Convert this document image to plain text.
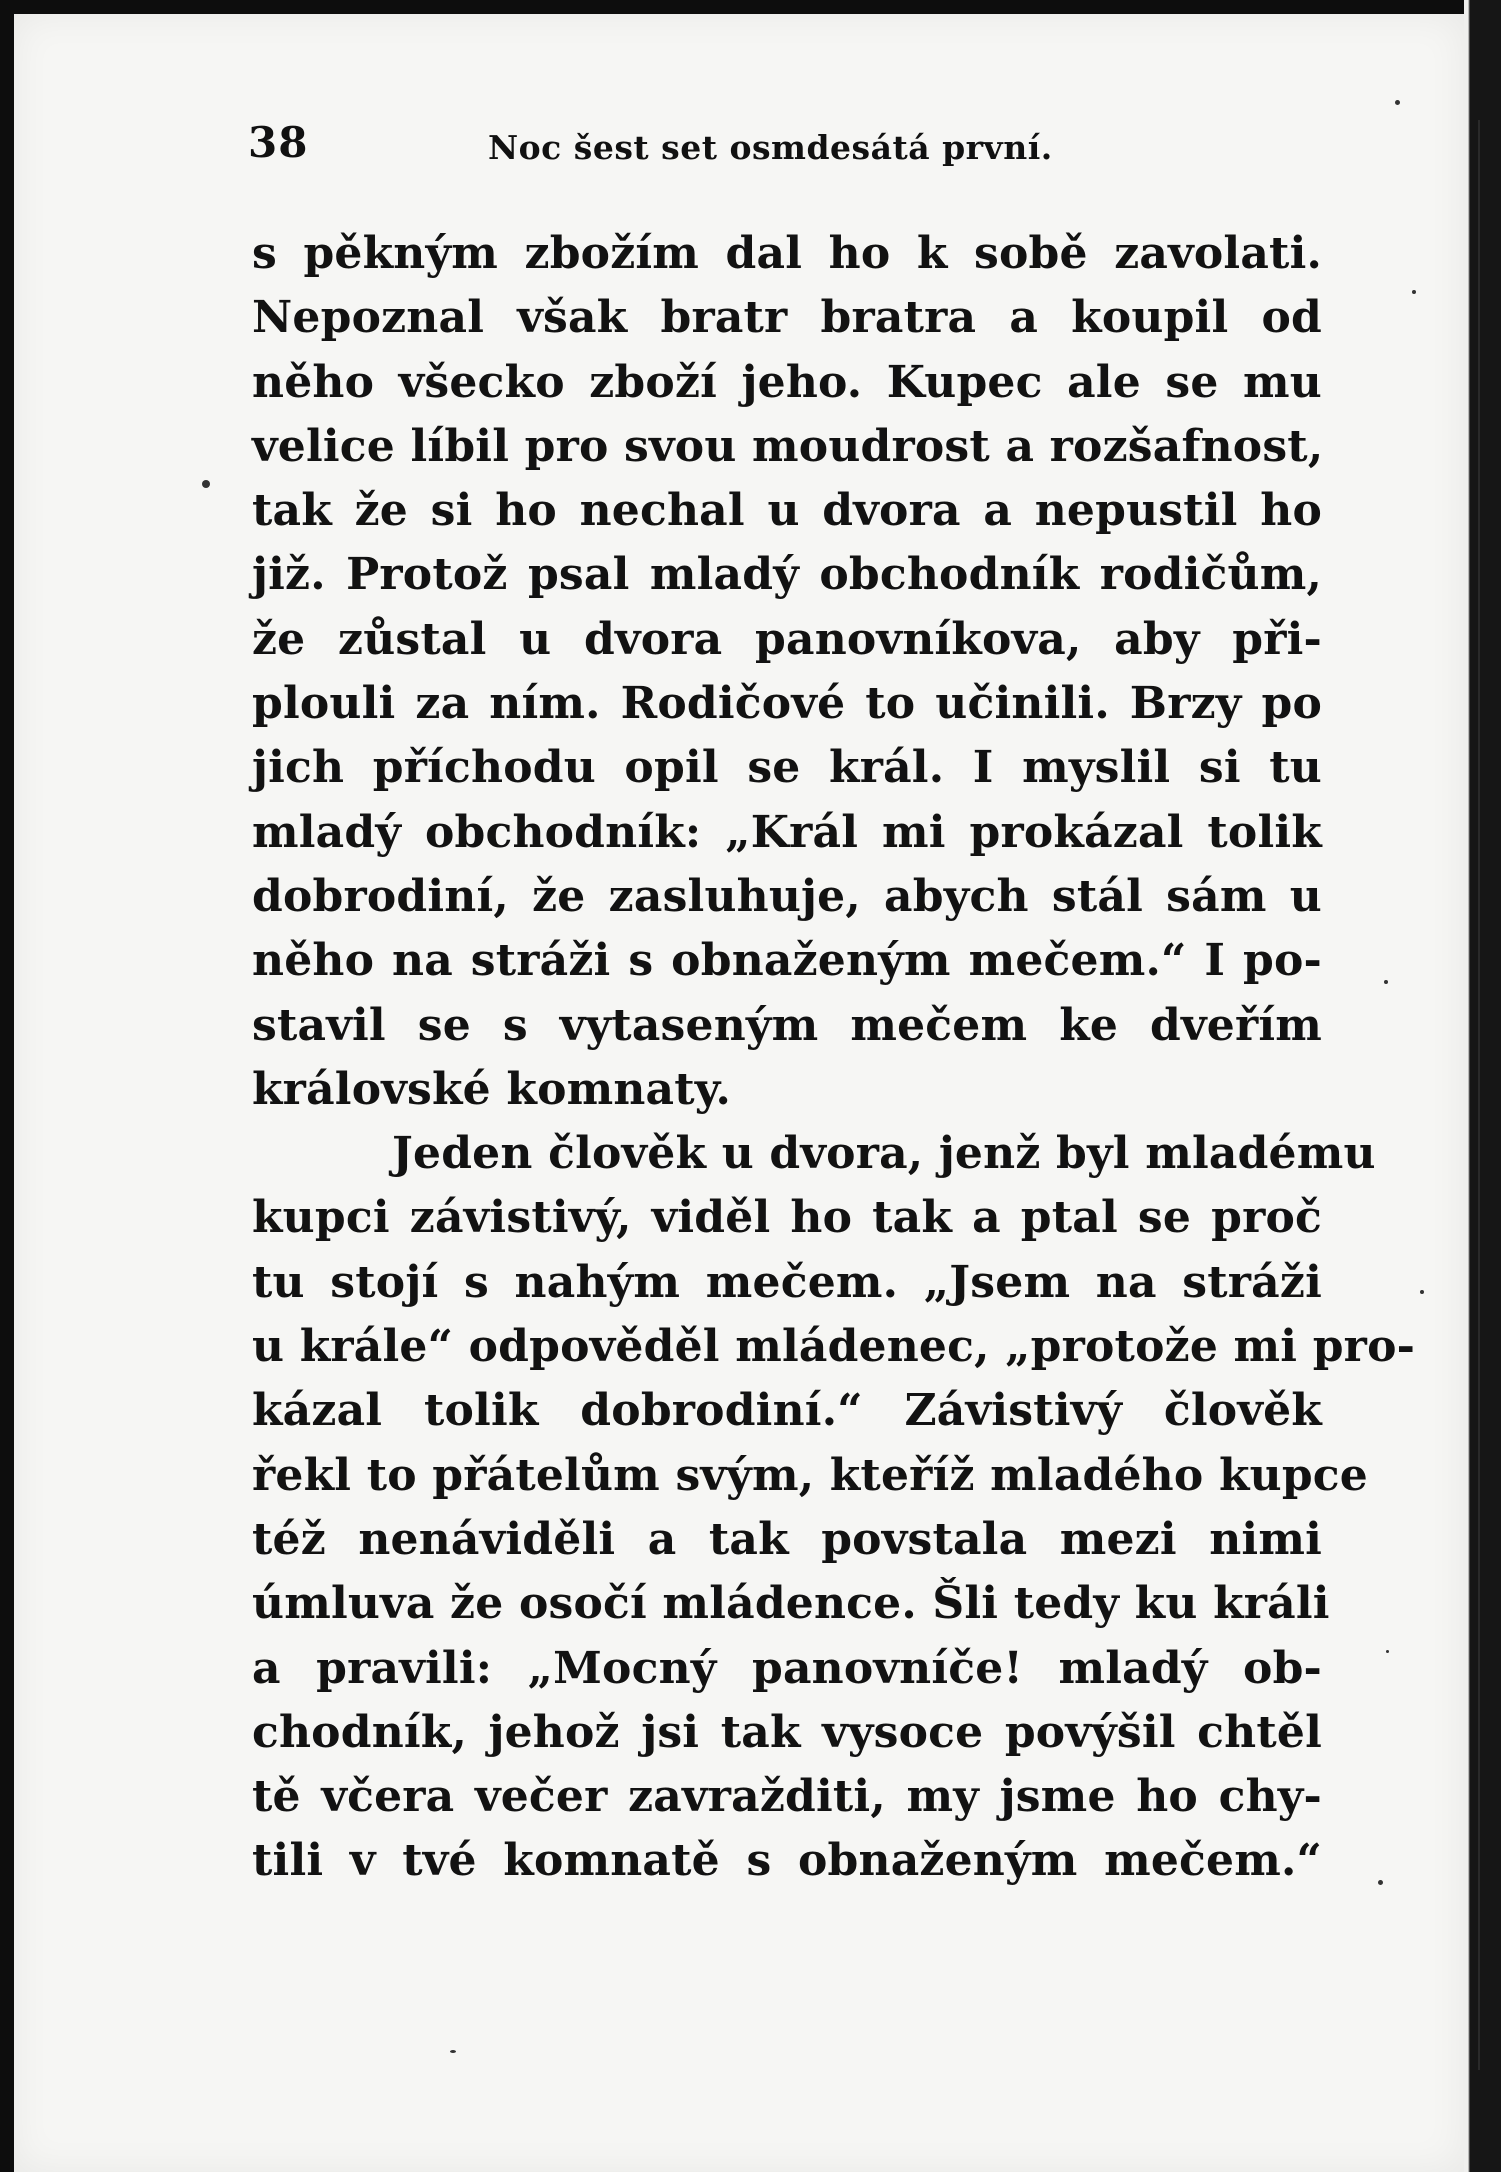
38	Noc šest set osmdesátá první.
s pěkným zbožím dal ho k sobě zavolati.
Nepoznal však bratr bratra a koupil od
něho všecko zboží jeho. Kupec ale se mu
velice líbil pro svou moudrost a rozšafnost,
tak že si ho nechal u dvora a nepustil ho
již. Protož psal mladý obchodník rodičům,
že zůstal u dvora panovníkova, aby při-
plouli za ním. Rodičové to učinili. Brzy po
jich příchodu opil se král. I myslil si tu
mladý obchodník: „Král mi prokázal tolik
dobrodiní, že zasluhuje, abych stál sám u
něho na stráži s obnaženým mečem.“ I po-
stavil se s vytaseným mečem ke dveřím
královské komnaty.
Jeden člověk u dvora, jenž byl mladému
kupci závistivý, viděl ho tak a ptal se proč
tu stojí s nahým mečem. „Jsem na stráži
u krále“ odpověděl mládenec, „protože mi pro-
kázal tolik dobrodiní.“ Závistivý člověk
řekl to přátelům svým, kteříž mladého kupce
též nenáviděli a tak povstala mezi nimi
úmluva že osočí mládence. Šli tedy ku králi
a pravili: „Mocný panovníče! mladý ob-
chodník, jehož jsi tak vysoce povýšil chtěl
tě včera večer zavražditi, my jsme ho chy-
tili v tvé komnatě s obnaženým mečem.“
